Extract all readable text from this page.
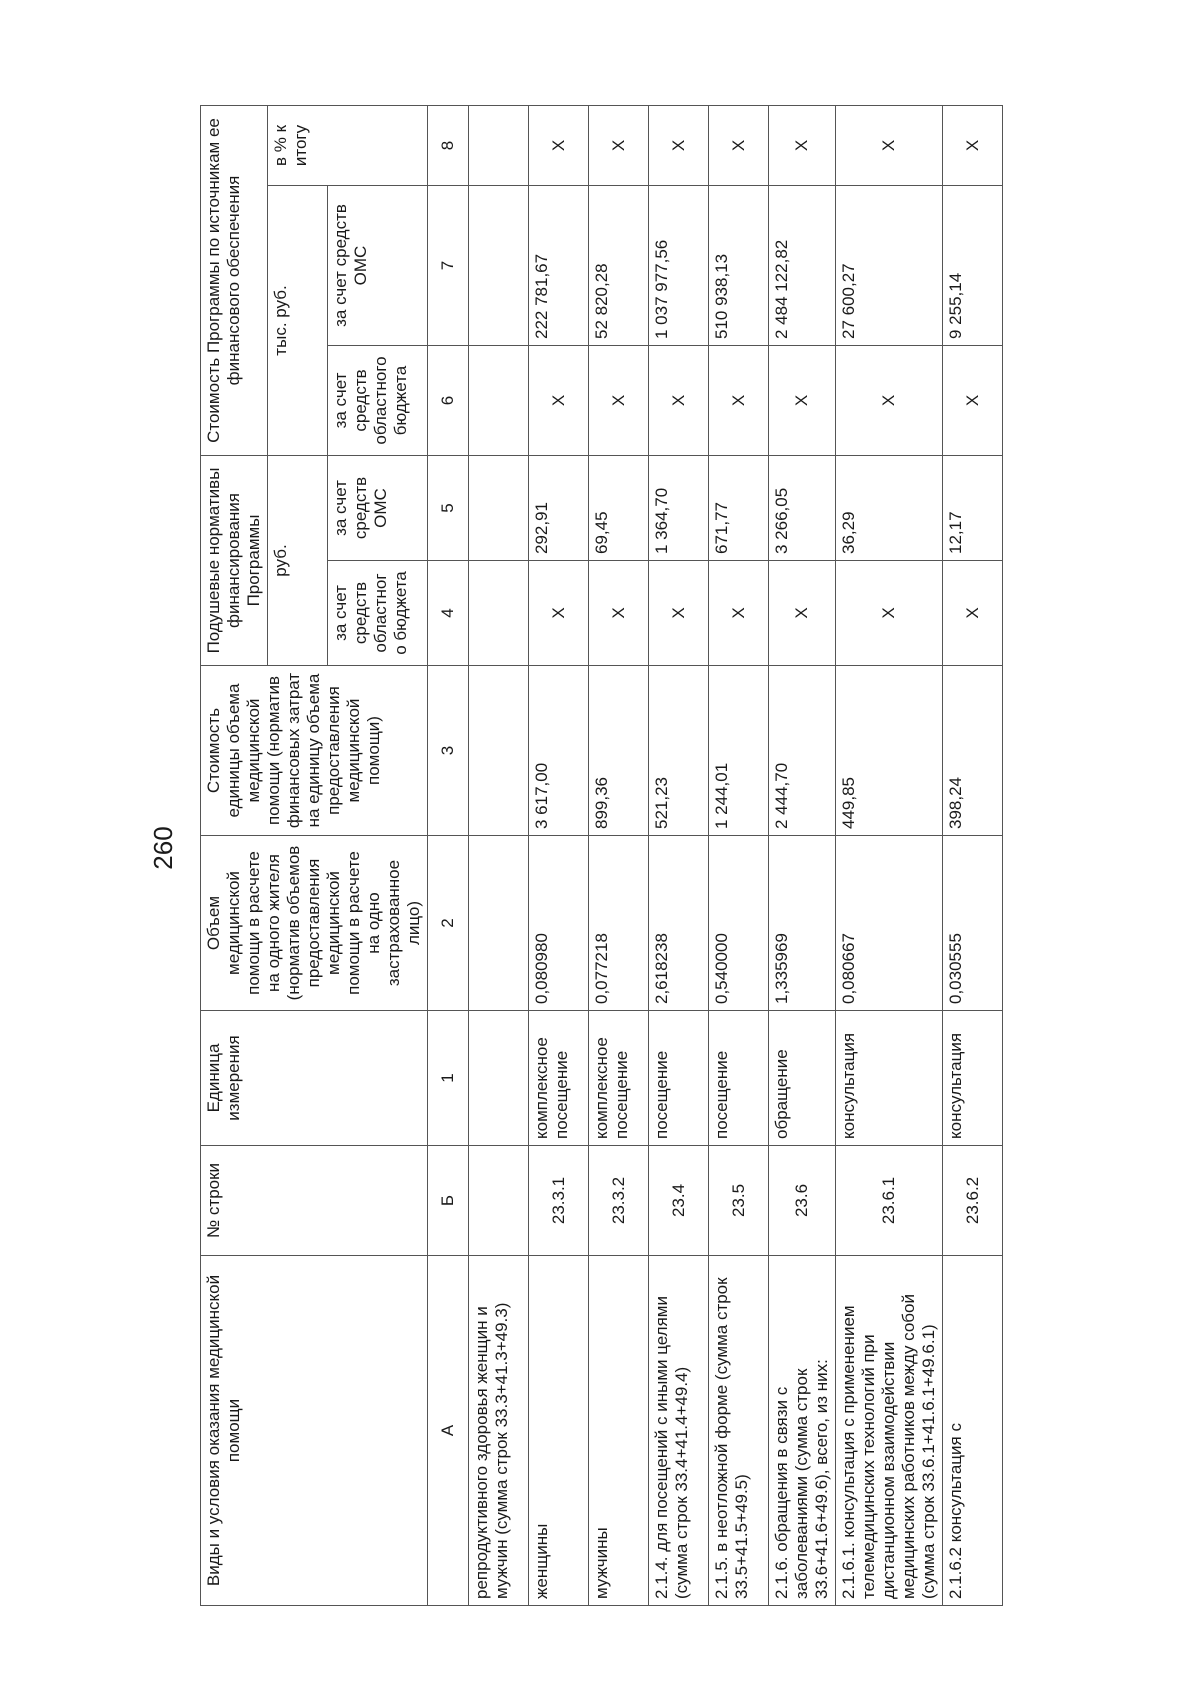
260
Виды и условия оказания медицинской помощи	№ строки	Единица измерения	Объем медицинской помощи в расчете на одного жителя (норматив объемов предоставления медицинской помощи в расчете на одно застрахованное лицо)	Стоимость единицы объема медицинской помощи (норматив финансовых затрат на единицу объема предоставления медицинской помощи)	Подушевые нормативы финансирования Программы		Стоимость Программы по источникам ее финансового обеспечения		
					руб.		тыс. руб.		в % к итогу
					за счет средств областног о бюджета	за счет средств ОМС	за счет средств областного бюджета	за счет средств ОМС	
А	Б	1	2	3	4	5	6	7	8
репродуктивного здоровья женщин и мужчин (сумма строк 33.3+41.3+49.3)									
женщины	23.3.1	комплексное посещение	0,080980	3 617,00	X	292,91	X	222 781,67	X
мужчины	23.3.2	комплексное посещение	0,077218	899,36	X	69,45	X	52 820,28	X
2.1.4. для посещений с иными целями (сумма строк 33.4+41.4+49.4)	23.4	посещение	2,618238	521,23	X	1 364,70	X	1 037 977,56	X
2.1.5. в неотложной форме (сумма строк 33.5+41.5+49.5)	23.5	посещение	0,540000	1 244,01	X	671,77	X	510 938,13	X
2.1.6. обращения в связи с заболеваниями (сумма строк 33.6+41.6+49.6), всего, из них:	23.6	обращение	1,335969	2 444,70	X	3 266,05	X	2 484 122,82	X
2.1.6.1. консультация с применением телемедицинских технологий при дистанционном взаимодействии медицинских работников между собой (сумма строк 33.6.1+41.6.1+49.6.1)	23.6.1	консультация	0,080667	449,85	X	36,29	X	27 600,27	X
2.1.6.2 консультация с	23.6.2	консультация	0,030555	398,24	X	12,17	X	9 255,14	X
